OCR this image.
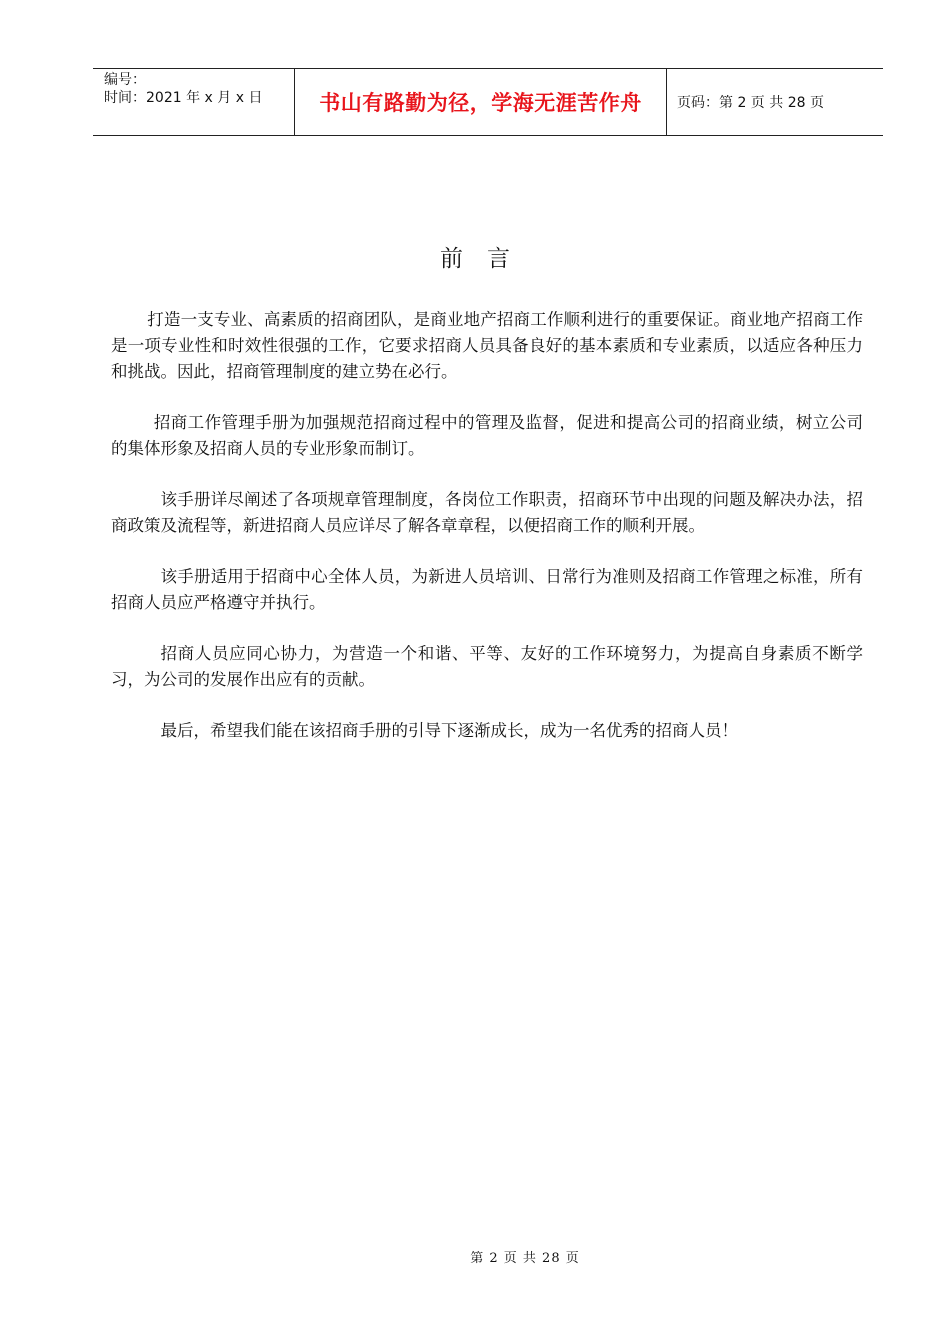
编号：
时间：2021 年 x 月 x 日	书山有路勤为径，学海无涯苦作舟	页码：第 2 页 共 28 页
前言

打造一支专业、高素质的招商团队，是商业地产招商工作顺利进行的重要保证。商业地产招商工作是一项专业性和时效性很强的工作，它要求招商人员具备良好的基本素质和专业素质，以适应各种压力和挑战。因此，招商管理制度的建立势在必行。

招商工作管理手册为加强规范招商过程中的管理及监督，促进和提高公司的招商业绩，树立公司的集体形象及招商人员的专业形象而制订。

该手册详尽阐述了各项规章管理制度，各岗位工作职责，招商环节中出现的问题及解决办法，招商政策及流程等，新进招商人员应详尽了解各章章程，以便招商工作的顺利开展。

该手册适用于招商中心全体人员，为新进人员培训、日常行为准则及招商工作管理之标准，所有招商人员应严格遵守并执行。

招商人员应同心协力，为营造一个和谐、平等、友好的工作环境努力，为提高自身素质不断学习，为公司的发展作出应有的贡献。

最后，希望我们能在该招商手册的引导下逐渐成长，成为一名优秀的招商人员！

第 2 页 共 28 页
